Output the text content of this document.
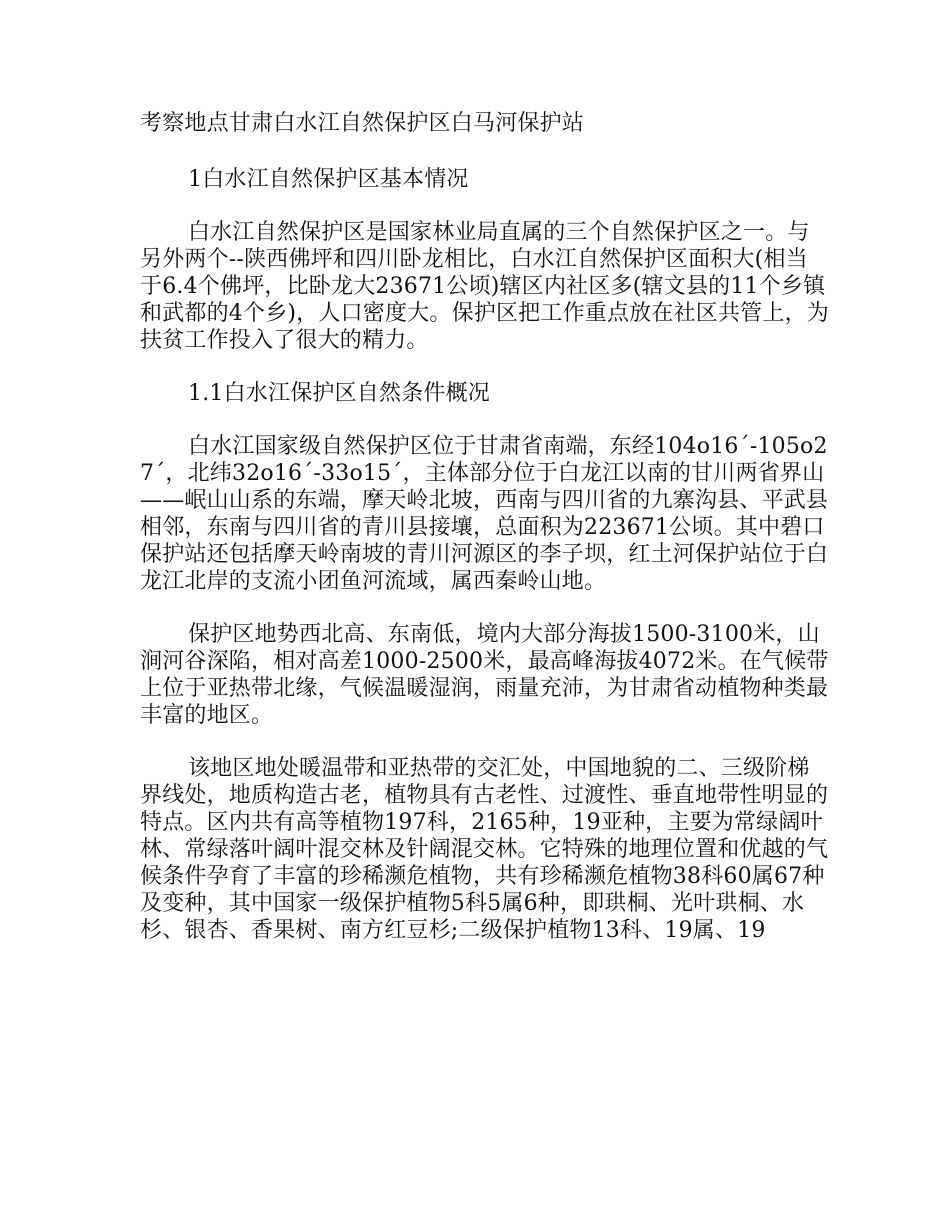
考察地点甘肃白水江自然保护区白马河保护站

1白水江自然保护区基本情况

白水江自然保护区是国家林业局直属的三个自然保护区之一。与另外两个--陕西佛坪和四川卧龙相比，白水江自然保护区面积大(相当于6.4个佛坪，比卧龙大23671公顷)辖区内社区多(辖文县的11个乡镇和武都的4个乡)，人口密度大。保护区把工作重点放在社区共管上，为扶贫工作投入了很大的精力。

1.1白水江保护区自然条件概况

白水江国家级自然保护区位于甘肃省南端，东经104o16´-105o27´，北纬32o16´-33o15´，主体部分位于白龙江以南的甘川两省界山——岷山山系的东端，摩天岭北坡，西南与四川省的九寨沟县、平武县相邻，东南与四川省的青川县接壤，总面积为223671公顷。其中碧口保护站还包括摩天岭南坡的青川河源区的李子坝，红土河保护站位于白龙江北岸的支流小团鱼河流域，属西秦岭山地。

保护区地势西北高、东南低，境内大部分海拔1500-3100米，山涧河谷深陷，相对高差1000-2500米，最高峰海拔4072米。在气候带上位于亚热带北缘，气候温暖湿润，雨量充沛，为甘肃省动植物种类最丰富的地区。

该地区地处暖温带和亚热带的交汇处，中国地貌的二、三级阶梯界线处，地质构造古老，植物具有古老性、过渡性、垂直地带性明显的特点。区内共有高等植物197科，2165种，19亚种，主要为常绿阔叶林、常绿落叶阔叶混交林及针阔混交林。它特殊的地理位置和优越的气候条件孕育了丰富的珍稀濒危植物，共有珍稀濒危植物38科60属67种及变种，其中国家一级保护植物5科5属6种，即珙桐、光叶珙桐、水杉、银杏、香果树、南方红豆杉;二级保护植物13科、19属、19
